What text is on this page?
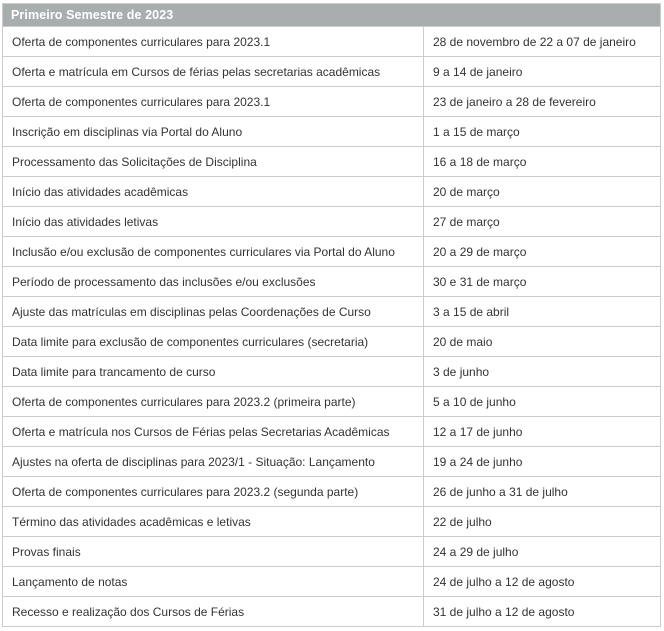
Primeiro Semestre de 2023	
Oferta de componentes curriculares para 2023.1	28 de novembro de 22 a 07 de janeiro
Oferta e matrícula em Cursos de férias pelas secretarias acadêmicas	9 a 14 de janeiro
Oferta de componentes curriculares para 2023.1	23 de janeiro a 28 de fevereiro
Inscrição em disciplinas via Portal do Aluno	1 a 15 de março
Processamento das Solicitações de Disciplina	16 a 18 de março
Início das atividades acadêmicas	20 de março
Início das atividades letivas	27 de março
Inclusão e/ou exclusão de componentes curriculares via Portal do Aluno	20 a 29 de março
Período de processamento das inclusões e/ou exclusões	30 e 31 de março
Ajuste das matrículas em disciplinas pelas Coordenações de Curso	3 a 15 de abril
Data limite para exclusão de componentes curriculares (secretaria)	20 de maio
Data limite para trancamento de curso	3 de junho
Oferta de componentes curriculares para 2023.2 (primeira parte)	5 a 10 de junho
Oferta e matrícula nos Cursos de Férias pelas Secretarias Acadêmicas	12 a 17 de junho
Ajustes na oferta de disciplinas para 2023/1 - Situação: Lançamento	19 a 24 de junho
Oferta de componentes curriculares para 2023.2 (segunda parte)	26 de junho a 31 de julho
Término das atividades acadêmicas e letivas	22 de julho
Provas finais	24 a 29 de julho
Lançamento de notas	24 de julho a 12 de agosto
Recesso e realização dos Cursos de Férias	31 de julho a 12 de agosto
